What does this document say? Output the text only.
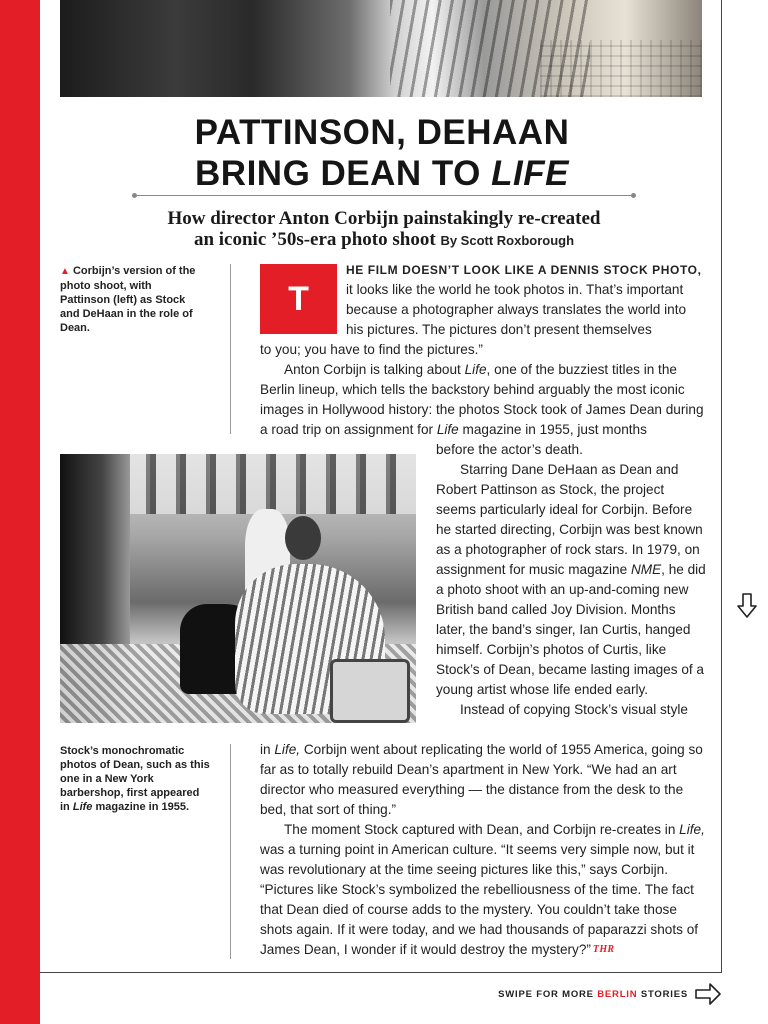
PATTINSON, DEHAAN
BRING DEAN TO LIFE
How director Anton Corbijn painstakingly re-created
an iconic ’50s-era photo shoot By Scott Roxborough
▲ Corbijn’s version of the photo shoot, with Pattinson (left) as Stock and DeHaan in the role of Dean.
T
HE FILM DOESN’T LOOK LIKE A DENNIS STOCK PHOTO, it looks like the world he took photos in. That’s important because a photographer always translates the world into his pictures. The pictures don’t present themselves

to you; you have to find the pictures.”

Anton Corbijn is talking about Life, one of the buzziest titles in the Berlin lineup, which tells the backstory behind arguably the most iconic images in Hollywood history: the photos Stock took of James Dean during a road trip on assignment for Life magazine in 1955, just months

before the actor’s death.

Starring Dane DeHaan as Dean and Robert Pattinson as Stock, the project seems particularly ideal for Corbijn. Before he started directing, Corbijn was best known as a photographer of rock stars. In 1979, on assignment for music magazine NME, he did a photo shoot with an up-and-coming new British band called Joy Division. Months later, the band’s singer, Ian Curtis, hanged himself. Corbijn’s photos of Curtis, like Stock’s of Dean, became lasting images of a young artist whose life ended early.

Instead of copying Stock’s visual style

Stock’s monochromatic photos of Dean, such as this one in a New York barbershop, first appeared in Life magazine in 1955.

in Life, Corbijn went about replicating the world of 1955 America, going so far as to totally rebuild Dean’s apartment in New York. “We had an art director who measured everything — the distance from the desk to the bed, that sort of thing.”

The moment Stock captured with Dean, and Corbijn re-creates in Life, was a turning point in American culture. “It seems very simple now, but it was revolutionary at the time seeing pictures like this,” says Corbijn. “Pictures like Stock’s symbolized the rebelliousness of the time. The fact that Dean died of course adds to the mystery. You couldn’t take those shots again. If it were today, and we had thousands of paparazzi shots of James Dean, I wonder if it would destroy the mystery?” THR

SWIPE FOR MORE BERLIN STORIES
